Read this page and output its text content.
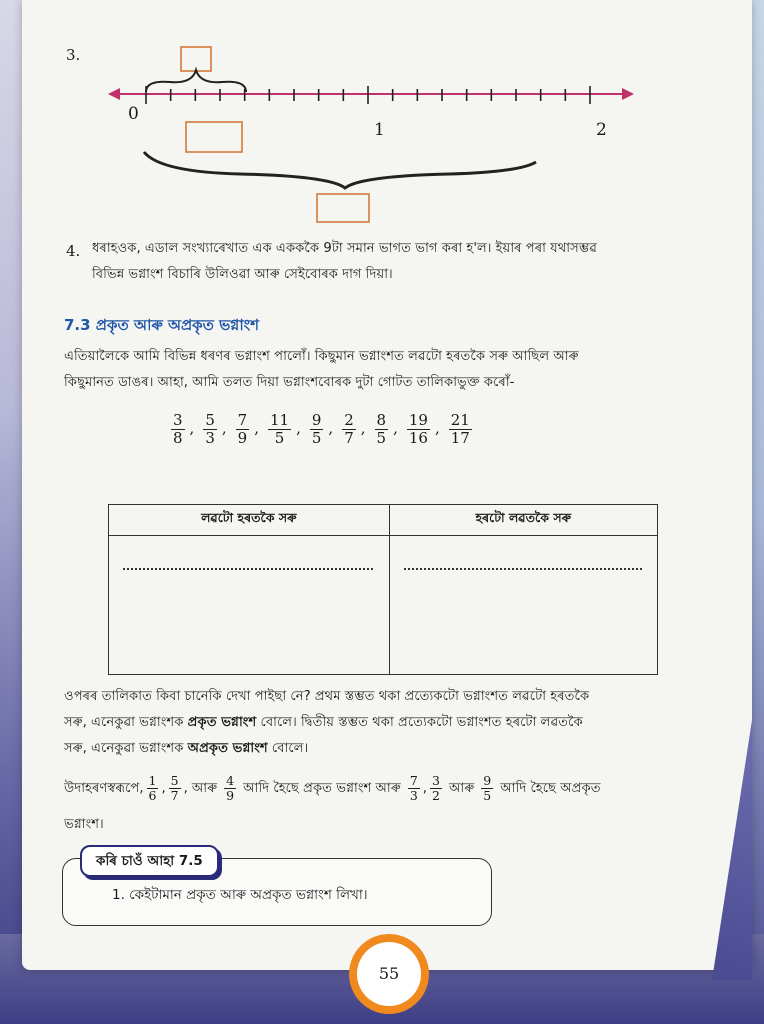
3.
0
1	2
4. ধৰাহওক, এডাল সংখ্যাৰেখাত এক একককৈ 9টা সমান ভাগত ভাগ কৰা হ'ল। ইয়াৰ পৰা যথাসম্ভৱ
বিভিন্ন ভগ্নাংশ বিচাৰি উলিওৱা আৰু সেইবোৰক দাগ দিয়া।
7.3 প্ৰকৃত আৰু অপ্ৰকৃত ভগ্নাংশ
এতিয়ালৈকে আমি বিভিন্ন ধৰণৰ ভগ্নাংশ পালোঁ। কিছুমান ভগ্নাংশত লৱটো হৰতকৈ সৰু আছিল আৰু
কিছুমানত ডাঙৰ। আহা, আমি তলত দিয়া ভগ্নাংশবোৰক দুটা গোটত তালিকাভুক্ত কৰোঁ-
$\frac{3}{8}$ , $\frac{5}{3}$ , $\frac{7}{9}$ , $\frac{11}{5}$ , $\frac{9}{5}$ , $\frac{2}{7}$ , $\frac{8}{5}$ , $\frac{19}{16}$ , $\frac{21}{17}$
লৱটো হৰতকৈ সৰু	হৰটো লৱতকৈ সৰু

ওপৰৰ তালিকাত কিবা চানেকি দেখা পাইছা নে? প্ৰথম স্তম্ভত থকা প্ৰত্যেকটো ভগ্নাংশত লৱটো হৰতকৈ
সৰু, এনেকুৱা ভগ্নাংশক প্ৰকৃত ভগ্নাংশ বোলে। দ্বিতীয় স্তম্ভত থকা প্ৰত্যেকটো ভগ্নাংশত হৰটো লৱতকৈ
সৰু, এনেকুৱা ভগ্নাংশক অপ্ৰকৃত ভগ্নাংশ বোলে।
উদাহৰণস্বৰূপে, $\frac{1}{6}$ , $\frac{5}{7}$ , আৰু $\frac{4}{9}$ আদি হৈছে প্ৰকৃত ভগ্নাংশ আৰু $\frac{7}{3}$ , $\frac{3}{2}$ আৰু $\frac{9}{5}$ আদি হৈছে অপ্ৰকৃত
ভগ্নাংশ।
কৰি চাওঁ আহা 7.5
1. কেইটামান প্ৰকৃত আৰু অপ্ৰকৃত ভগ্নাংশ লিখা।
55
